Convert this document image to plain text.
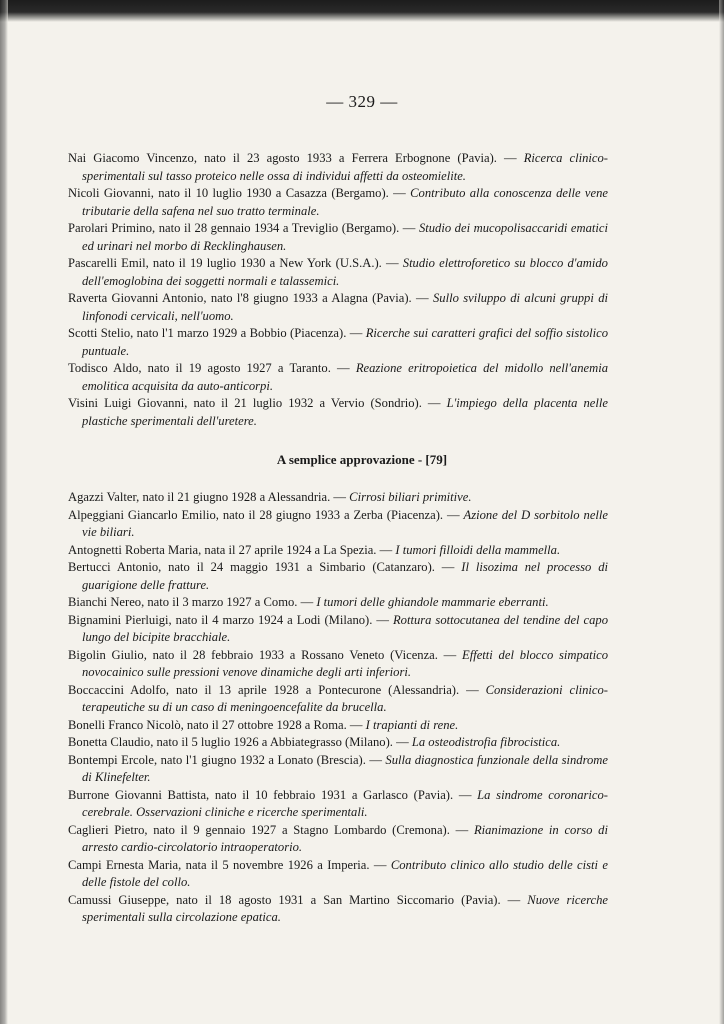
— 329 —
Nai Giacomo Vincenzo, nato il 23 agosto 1933 a Ferrera Erbognone (Pavia). — Ricerca clinico-sperimentali sul tasso proteico nelle ossa di individui affetti da osteomielite.
Nicoli Giovanni, nato il 10 luglio 1930 a Casazza (Bergamo). — Contributo alla conoscenza delle vene tributarie della safena nel suo tratto terminale.
Parolari Primino, nato il 28 gennaio 1934 a Treviglio (Bergamo). — Studio dei mucopolisaccaridi ematici ed urinari nel morbo di Recklinghausen.
Pascarelli Emil, nato il 19 luglio 1930 a New York (U.S.A.). — Studio elettroforetico su blocco d'amido dell'emoglobina dei soggetti normali e talassemici.
Raverta Giovanni Antonio, nato l'8 giugno 1933 a Alagna (Pavia). — Sullo sviluppo di alcuni gruppi di linfonodi cervicali, nell'uomo.
Scotti Stelio, nato l'1 marzo 1929 a Bobbio (Piacenza). — Ricerche sui caratteri grafici del soffio sistolico puntuale.
Todisco Aldo, nato il 19 agosto 1927 a Taranto. — Reazione eritropoietica del midollo nell'anemia emolitica acquisita da auto-anticorpi.
Visini Luigi Giovanni, nato il 21 luglio 1932 a Vervio (Sondrio). — L'impiego della placenta nelle plastiche sperimentali dell'uretere.
A semplice approvazione - [79]
Agazzi Valter, nato il 21 giugno 1928 a Alessandria. — Cirrosi biliari primitive.
Alpeggiani Giancarlo Emilio, nato il 28 giugno 1933 a Zerba (Piacenza). — Azione del D sorbitolo nelle vie biliari.
Antognetti Roberta Maria, nata il 27 aprile 1924 a La Spezia. — I tumori filloidi della mammella.
Bertucci Antonio, nato il 24 maggio 1931 a Simbario (Catanzaro). — Il lisozima nel processo di guarigione delle fratture.
Bianchi Nereo, nato il 3 marzo 1927 a Como. — I tumori delle ghiandole mammarie eberranti.
Bignamini Pierluigi, nato il 4 marzo 1924 a Lodi (Milano). — Rottura sottocutanea del tendine del capo lungo del bicipite bracchiale.
Bigolin Giulio, nato il 28 febbraio 1933 a Rossano Veneto (Vicenza. — Effetti del blocco simpatico novocainico sulle pressioni venove dinamiche degli arti inferiori.
Boccaccini Adolfo, nato il 13 aprile 1928 a Pontecurone (Alessandria). — Considerazioni clinico-terapeutiche su di un caso di meningoencefalite da brucella.
Bonelli Franco Nicolò, nato il 27 ottobre 1928 a Roma. — I trapianti di rene.
Bonetta Claudio, nato il 5 luglio 1926 a Abbiategrasso (Milano). — La osteodistrofia fibrocistica.
Bontempi Ercole, nato l'1 giugno 1932 a Lonato (Brescia). — Sulla diagnostica funzionale della sindrome di Klinefelter.
Burrone Giovanni Battista, nato il 10 febbraio 1931 a Garlasco (Pavia). — La sindrome coronarico-cerebrale. Osservazioni cliniche e ricerche sperimentali.
Caglieri Pietro, nato il 9 gennaio 1927 a Stagno Lombardo (Cremona). — Rianimazione in corso di arresto cardio-circolatorio intraoperatorio.
Campi Ernesta Maria, nata il 5 novembre 1926 a Imperia. — Contributo clinico allo studio delle cisti e delle fistole del collo.
Camussi Giuseppe, nato il 18 agosto 1931 a San Martino Siccomario (Pavia). — Nuove ricerche sperimentali sulla circolazione epatica.
